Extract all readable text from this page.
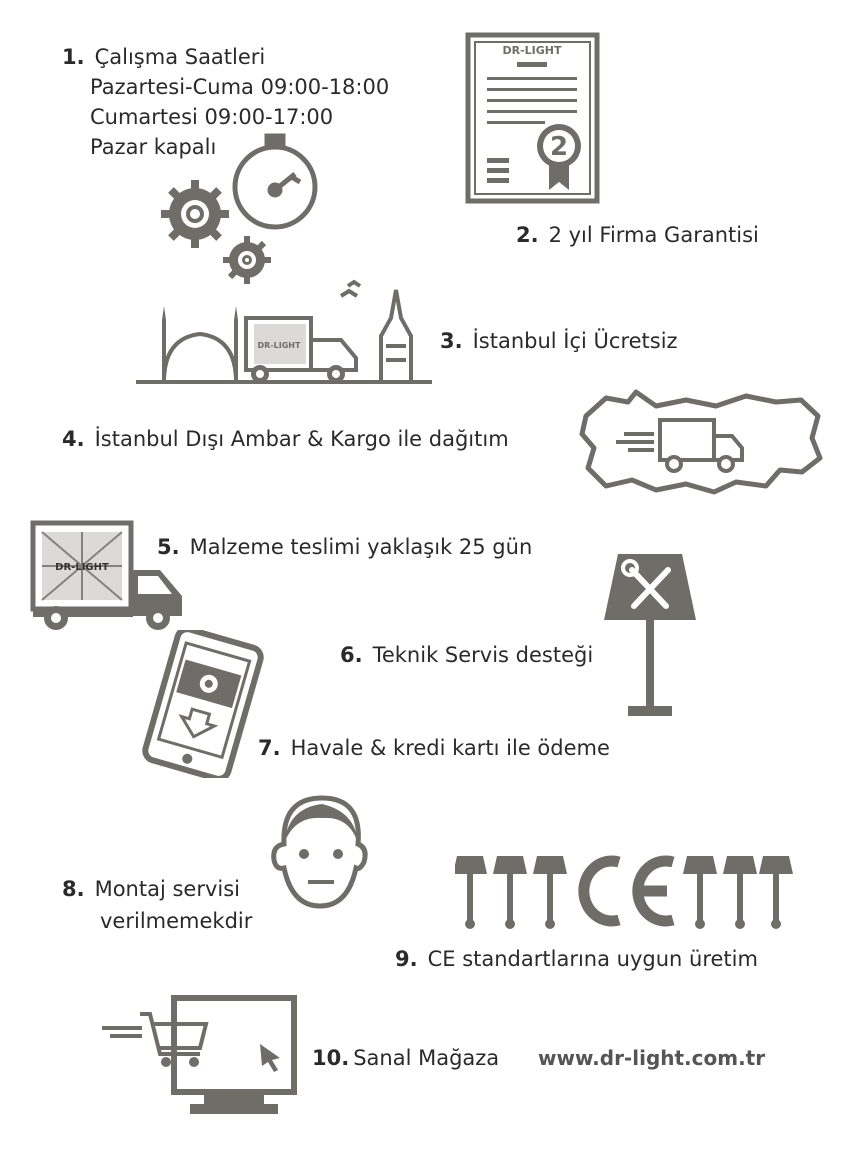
1. Çalışma Saatleri
Pazartesi-Cuma 09:00-18:00
Cumartesi 09:00-17:00
Pazar kapalı
DR-LIGHT
2
2. 2 yıl Firma Garantisi
DR-LIGHT	3. İstanbul İçi Ücretsiz
4. İstanbul Dışı Ambar & Kargo ile dağıtım
DR-LIGHT
5. Malzeme teslimi yaklaşık 25 gün
6. Teknik Servis desteği
7. Havale & kredi kartı ile ödeme
8. Montaj servisi
verilmemekdir
9. CE standartlarına uygun üretim
10. Sanal Mağaza www.dr-light.com.tr
